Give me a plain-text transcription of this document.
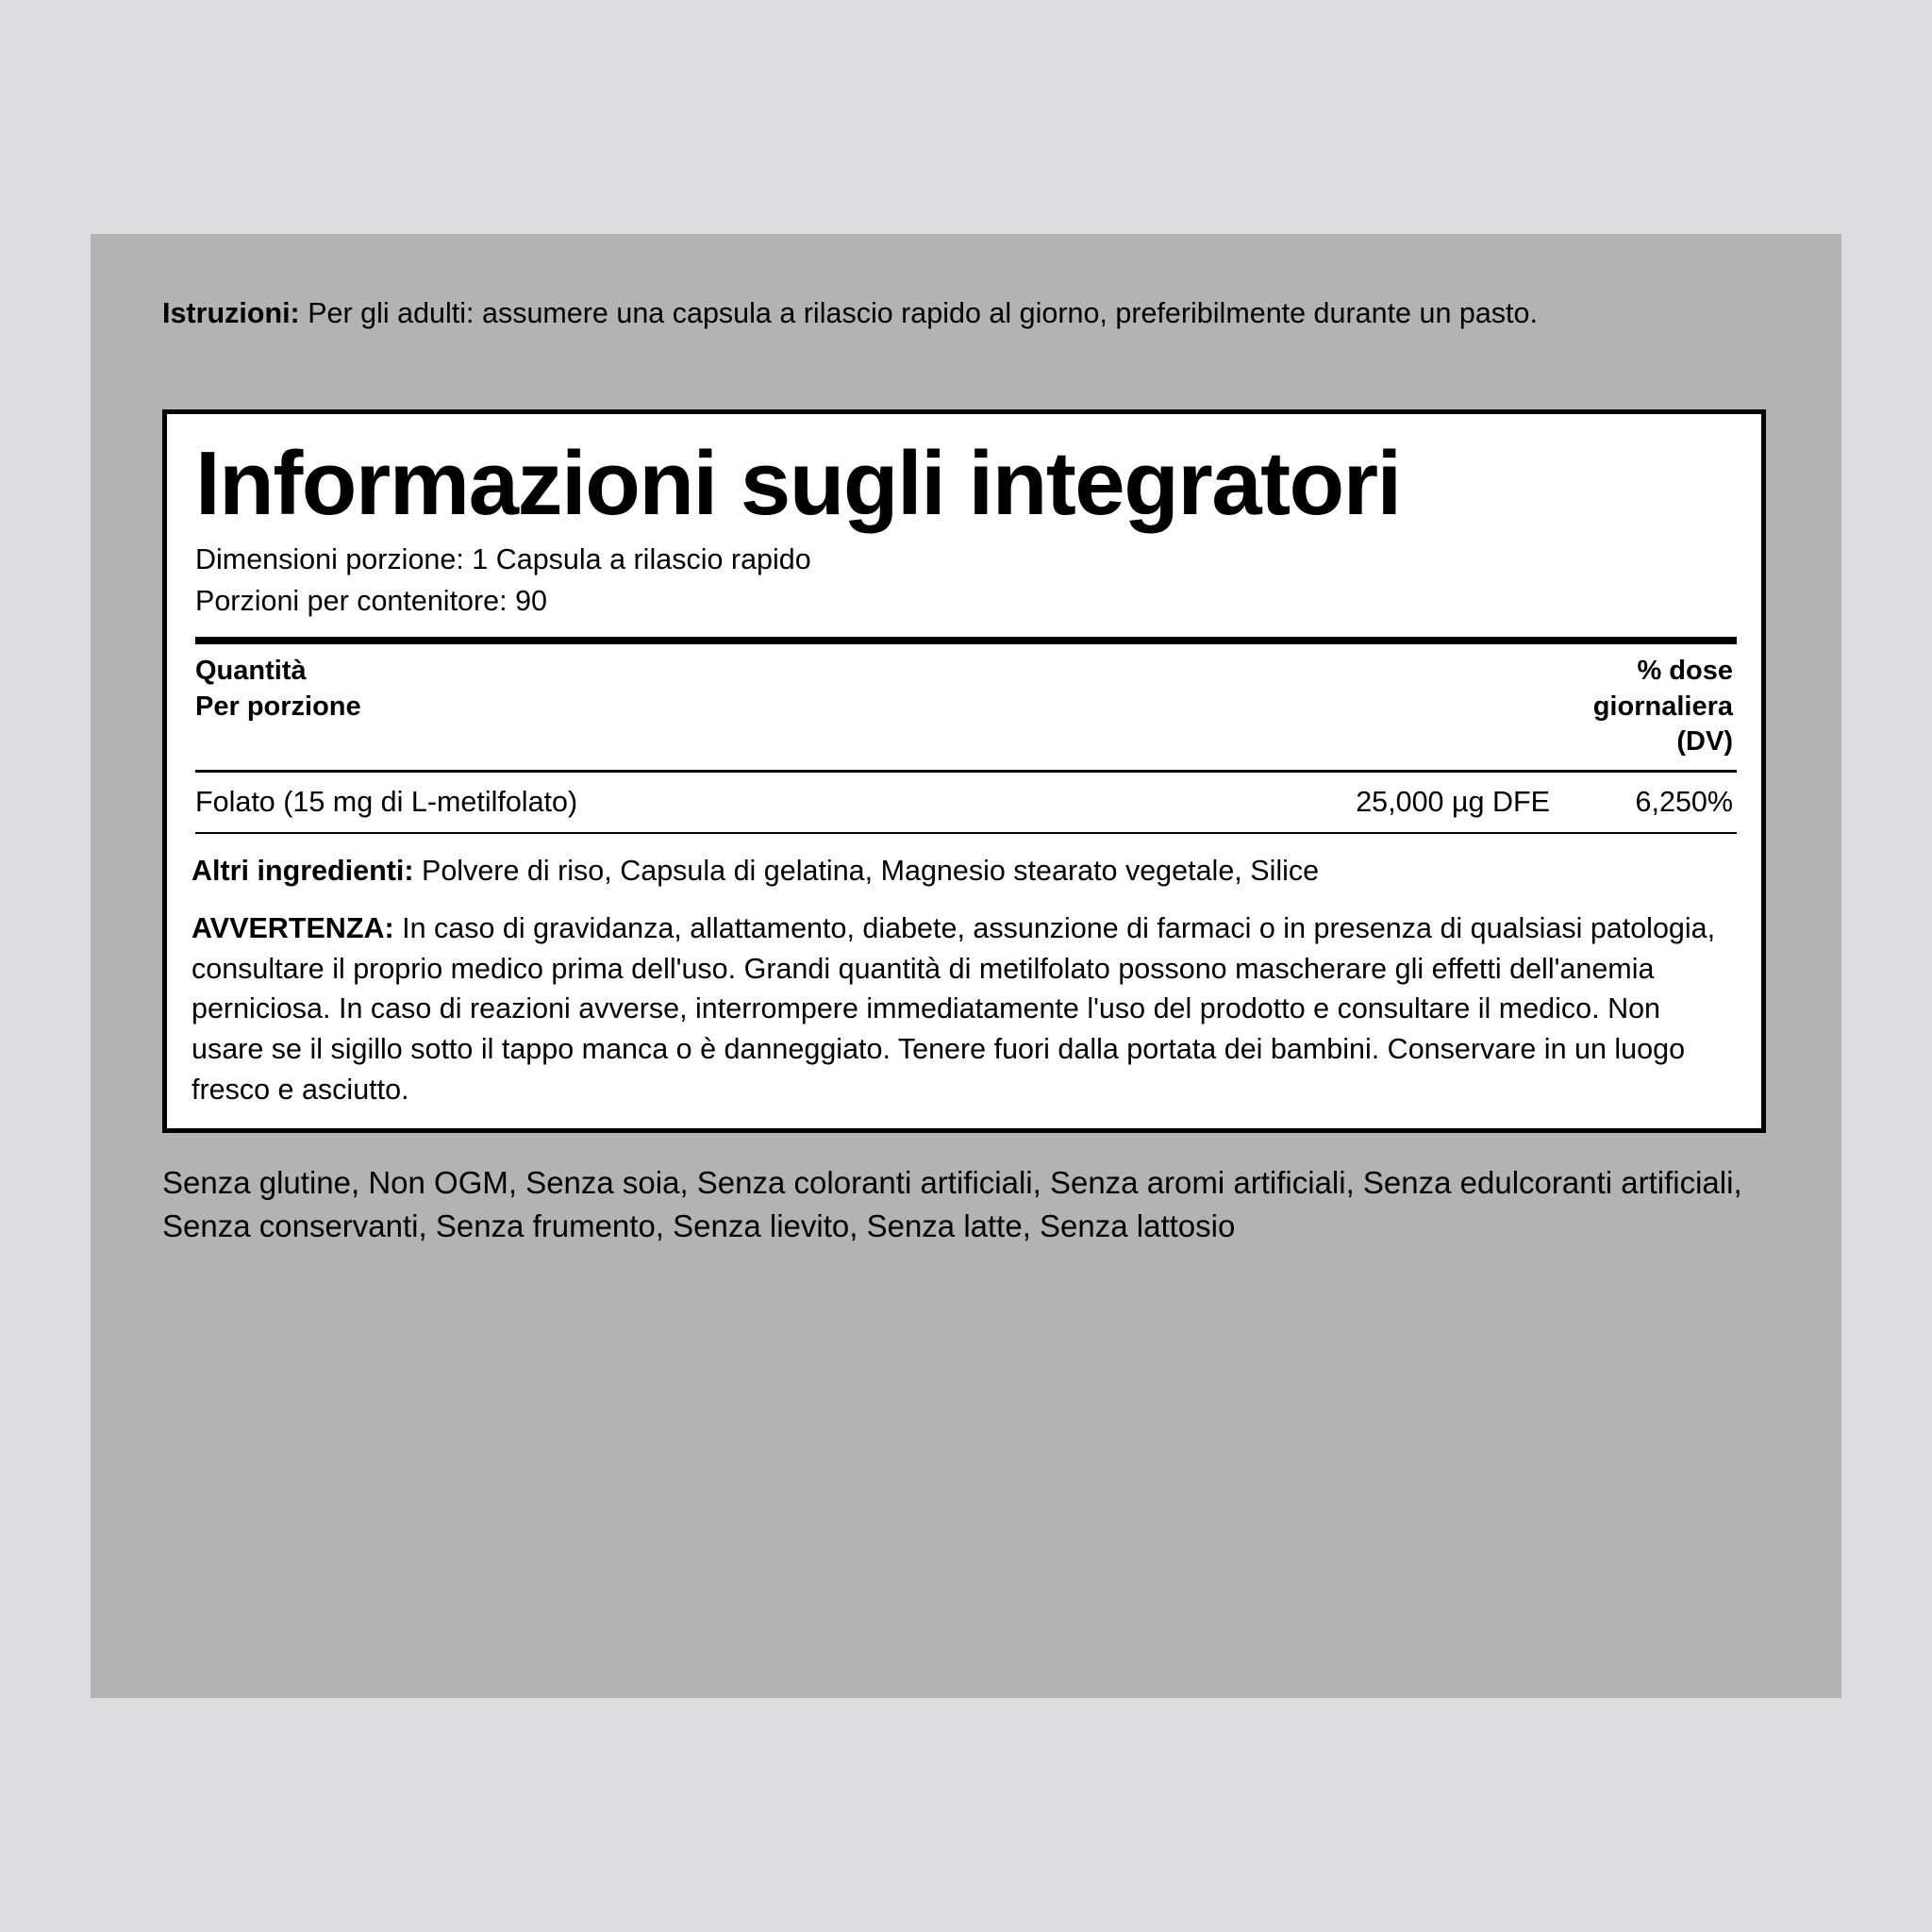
Istruzioni: Per gli adulti: assumere una capsula a rilascio rapido al giorno, preferibilmente durante un pasto.
Informazioni sugli integratori
Dimensioni porzione: 1 Capsula a rilascio rapido
Porzioni per contenitore: 90
Quantità
Per porzione
% dose
giornaliera
(DV)
Folato (15 mg di L-metilfolato)	25,000 µg DFE	6,250%
Altri ingredienti: Polvere di riso, Capsula di gelatina, Magnesio stearato vegetale, Silice
AVVERTENZA: In caso di gravidanza, allattamento, diabete, assunzione di farmaci o in presenza di qualsiasi patologia, consultare il proprio medico prima dell'uso. Grandi quantità di metilfolato possono mascherare gli effetti dell'anemia perniciosa. In caso di reazioni avverse, interrompere immediatamente l'uso del prodotto e consultare il medico. Non usare se il sigillo sotto il tappo manca o è danneggiato. Tenere fuori dalla portata dei bambini. Conservare in un luogo fresco e asciutto.
Senza glutine, Non OGM, Senza soia, Senza coloranti artificiali, Senza aromi artificiali, Senza edulcoranti artificiali, Senza conservanti, Senza frumento, Senza lievito, Senza latte, Senza lattosio
